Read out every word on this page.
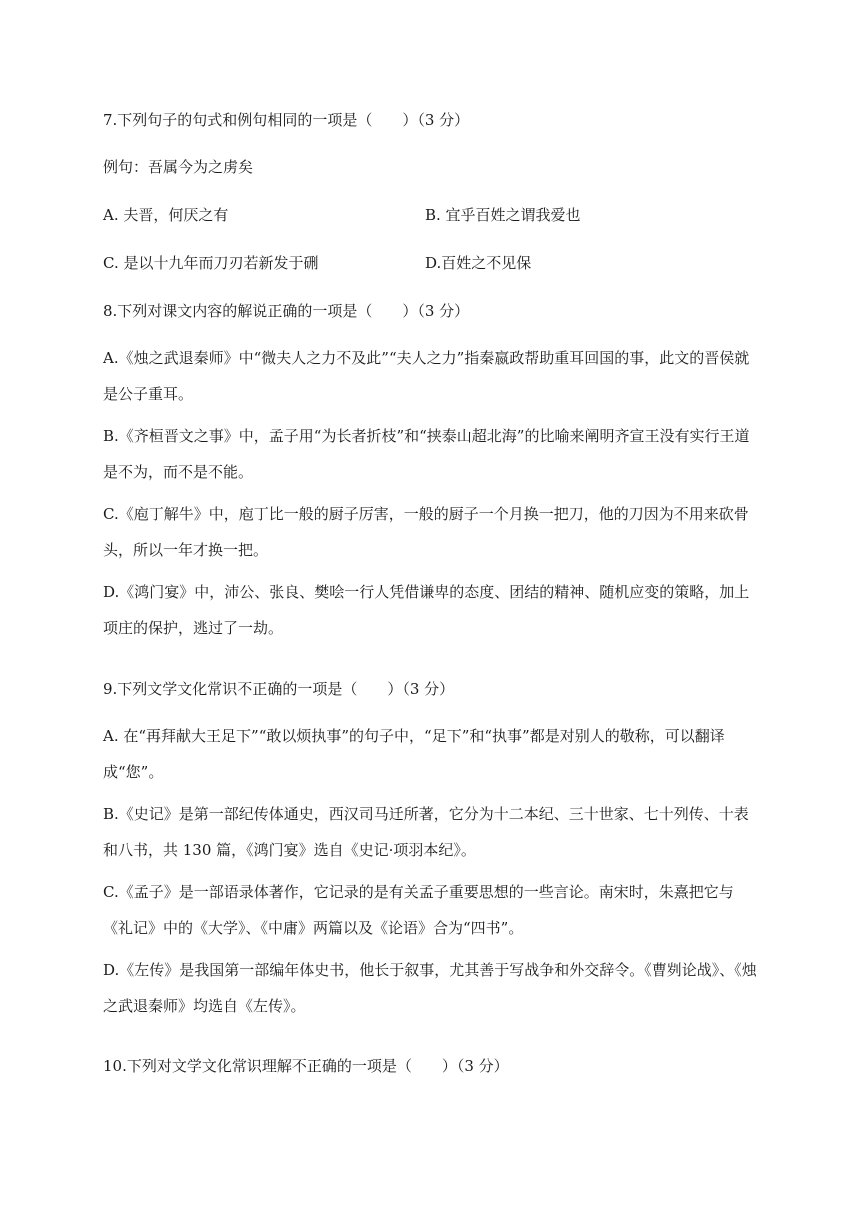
7.下列句子的句式和例句相同的一项是（　　）（3 分）
例句：吾属今为之虏矣
A. 夫晋，何厌之有	B. 宜乎百姓之谓我爱也
C. 是以十九年而刀刃若新发于硎	D.百姓之不见保
8.下列对课文内容的解说正确的一项是（　　）（3 分）
A.《烛之武退秦师》中“微夫人之力不及此”“夫人之力”指秦嬴政帮助重耳回国的事，此文的晋侯就是公子重耳。
B.《齐桓晋文之事》中，孟子用“为长者折枝”和“挟泰山超北海”的比喻来阐明齐宣王没有实行王道是不为，而不是不能。
C.《庖丁解牛》中，庖丁比一般的厨子厉害，一般的厨子一个月换一把刀，他的刀因为不用来砍骨头，所以一年才换一把。
D.《鸿门宴》中，沛公、张良、樊哙一行人凭借谦卑的态度、团结的精神、随机应变的策略，加上项庄的保护，逃过了一劫。
9.下列文学文化常识不正确的一项是（　　）（3 分）
A. 在“再拜献大王足下”“敢以烦执事”的句子中，“足下”和“执事”都是对别人的敬称，可以翻译成“您”。
B.《史记》是第一部纪传体通史，西汉司马迁所著，它分为十二本纪、三十世家、七十列传、十表和八书，共 130 篇，《鸿门宴》选自《史记·项羽本纪》。
C.《孟子》是一部语录体著作，它记录的是有关孟子重要思想的一些言论。南宋时，朱熹把它与《礼记》中的《大学》、《中庸》两篇以及《论语》合为“四书”。
D.《左传》是我国第一部编年体史书，他长于叙事，尤其善于写战争和外交辞令。《曹刿论战》、《烛之武退秦师》均选自《左传》。
10.下列对文学文化常识理解不正确的一项是（　　）（3 分）
